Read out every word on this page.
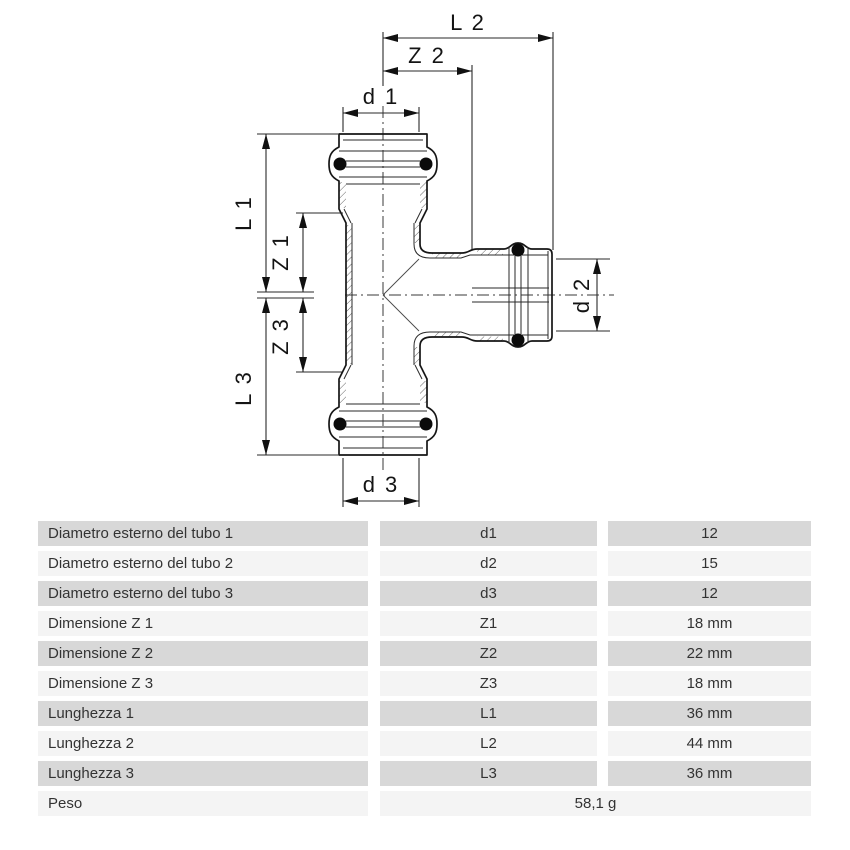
L 2
Z 2
d 1
L 1
Z 1
Z 3
L 3
d 2
d 3
Diametro esterno del tubo 1	d1	12
Diametro esterno del tubo 2	d2	15
Diametro esterno del tubo 3	d3	12
Dimensione Z 1	Z1	18 mm
Dimensione Z 2	Z2	22 mm
Dimensione Z 3	Z3	18 mm
Lunghezza 1	L1	36 mm
Lunghezza 2	L2	44 mm
Lunghezza 3	L3	36 mm
Peso	58,1 g
